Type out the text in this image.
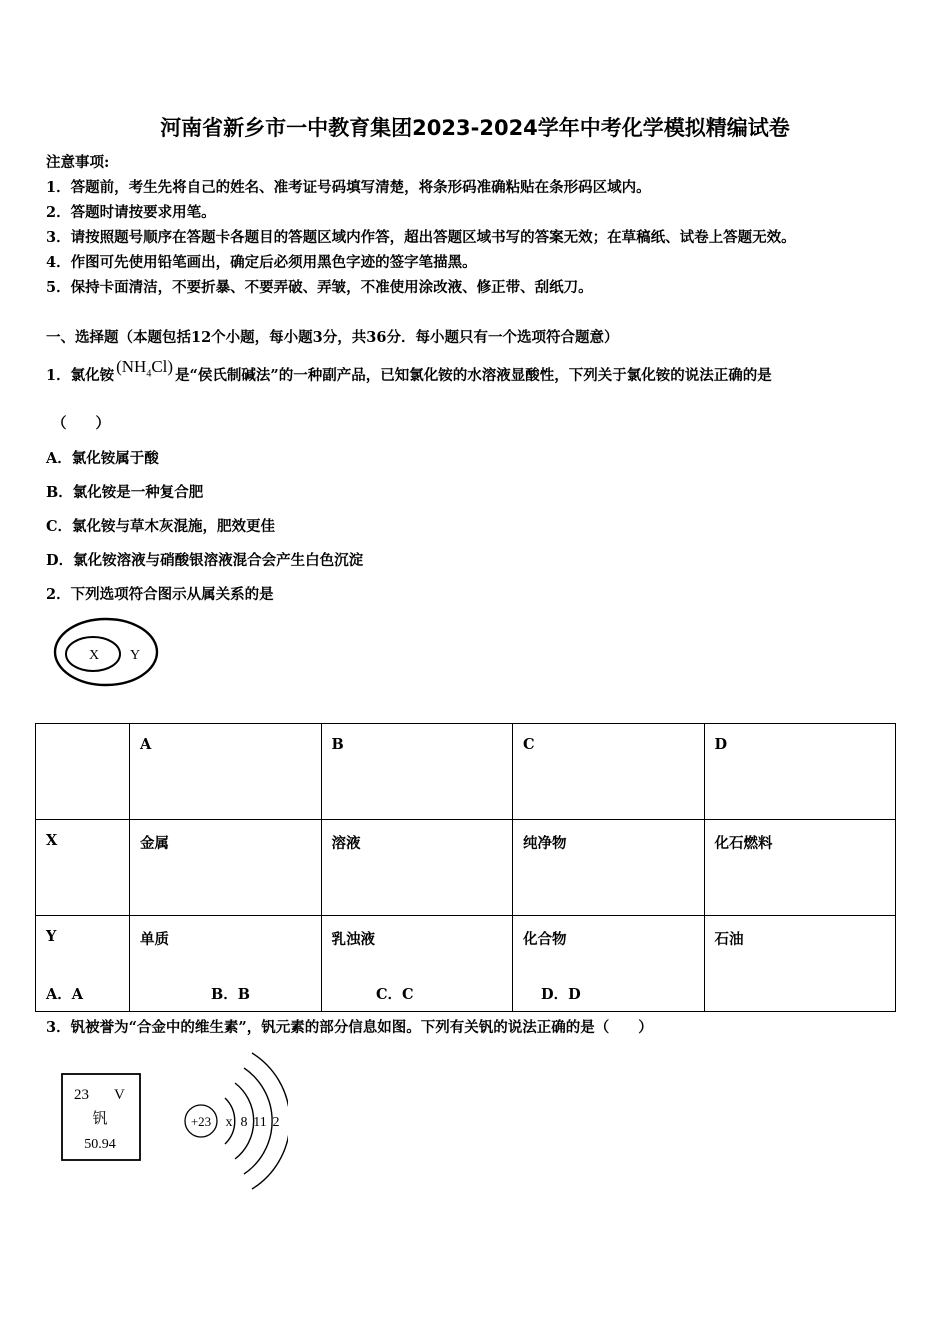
河南省新乡市一中教育集团2023-2024学年中考化学模拟精编试卷
注意事项:
1．答题前，考生先将自己的姓名、准考证号码填写清楚，将条形码准确粘贴在条形码区域内。
2．答题时请按要求用笔。
3．请按照题号顺序在答题卡各题目的答题区域内作答，超出答题区域书写的答案无效；在草稿纸、试卷上答题无效。
4．作图可先使用铅笔画出，确定后必须用黑色字迹的签字笔描黑。
5．保持卡面清洁，不要折暴、不要弄破、弄皱，不准使用涂改液、修正带、刮纸刀。
一、选择题（本题包括12个小题，每小题3分，共36分．每小题只有一个选项符合题意）
1．氯化铵 $(NH_4Cl)$ 是“侯氏制碱法”的一种副产品，已知氯化铵的水溶液显酸性，下列关于氯化铵的说法正确的是
（　　）
A．氯化铵属于酸
B．氯化铵是一种复合肥
C．氯化铵与草木灰混施，肥效更佳
D．氯化铵溶液与硝酸银溶液混合会产生白色沉淀
2．下列选项符合图示从属关系的是
X Y
	A	B	C	D
X	金属	溶液	纯净物	化石燃料
Y	单质	乳浊液	化合物	石油
A．A	B．B	C．C	D．D
3．钒被誉为“合金中的维生素”，钒元素的部分信息如图。下列有关钒的说法正确的是（　　）
23 V
钒
50.94
+23 x 8 11 2
